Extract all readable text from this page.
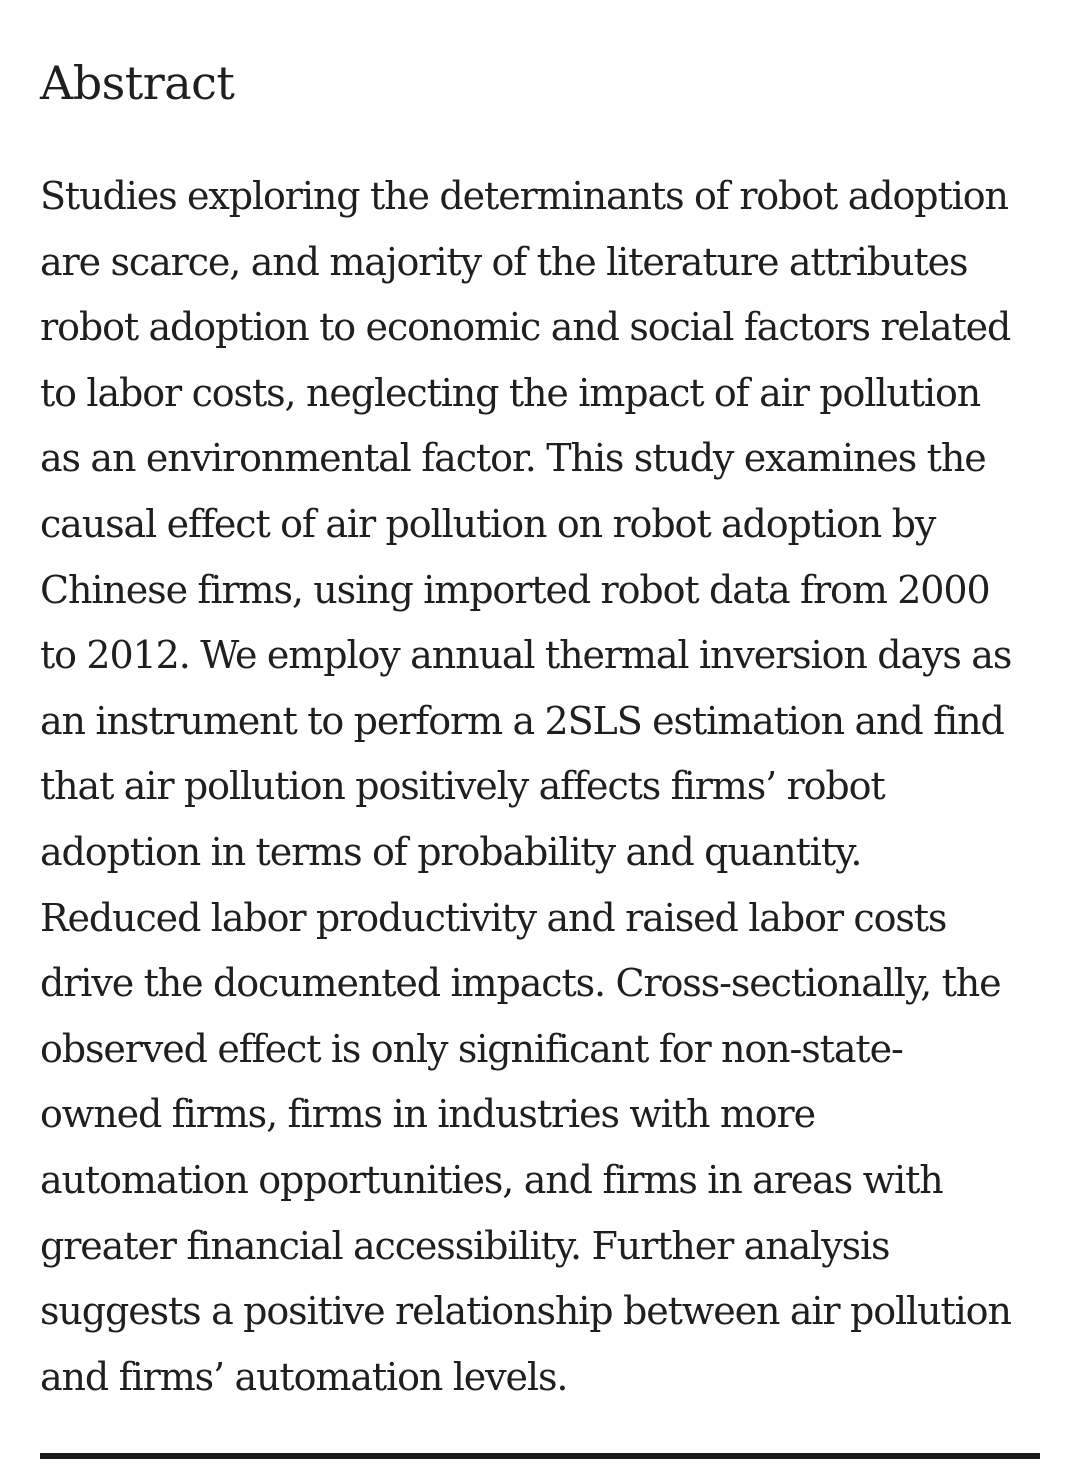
Abstract

Studies exploring the determinants of robot adoption
are scarce, and majority of the literature attributes
robot adoption to economic and social factors related
to labor costs, neglecting the impact of air pollution
as an environmental factor. This study examines the
causal effect of air pollution on robot adoption by
Chinese firms, using imported robot data from 2000
to 2012. We employ annual thermal inversion days as
an instrument to perform a 2SLS estimation and find
that air pollution positively affects firms’ robot
adoption in terms of probability and quantity.
Reduced labor productivity and raised labor costs
drive the documented impacts. Cross-sectionally, the
observed effect is only significant for non-state-
owned firms, firms in industries with more
automation opportunities, and firms in areas with
greater financial accessibility. Further analysis
suggests a positive relationship between air pollution
and firms’ automation levels.
